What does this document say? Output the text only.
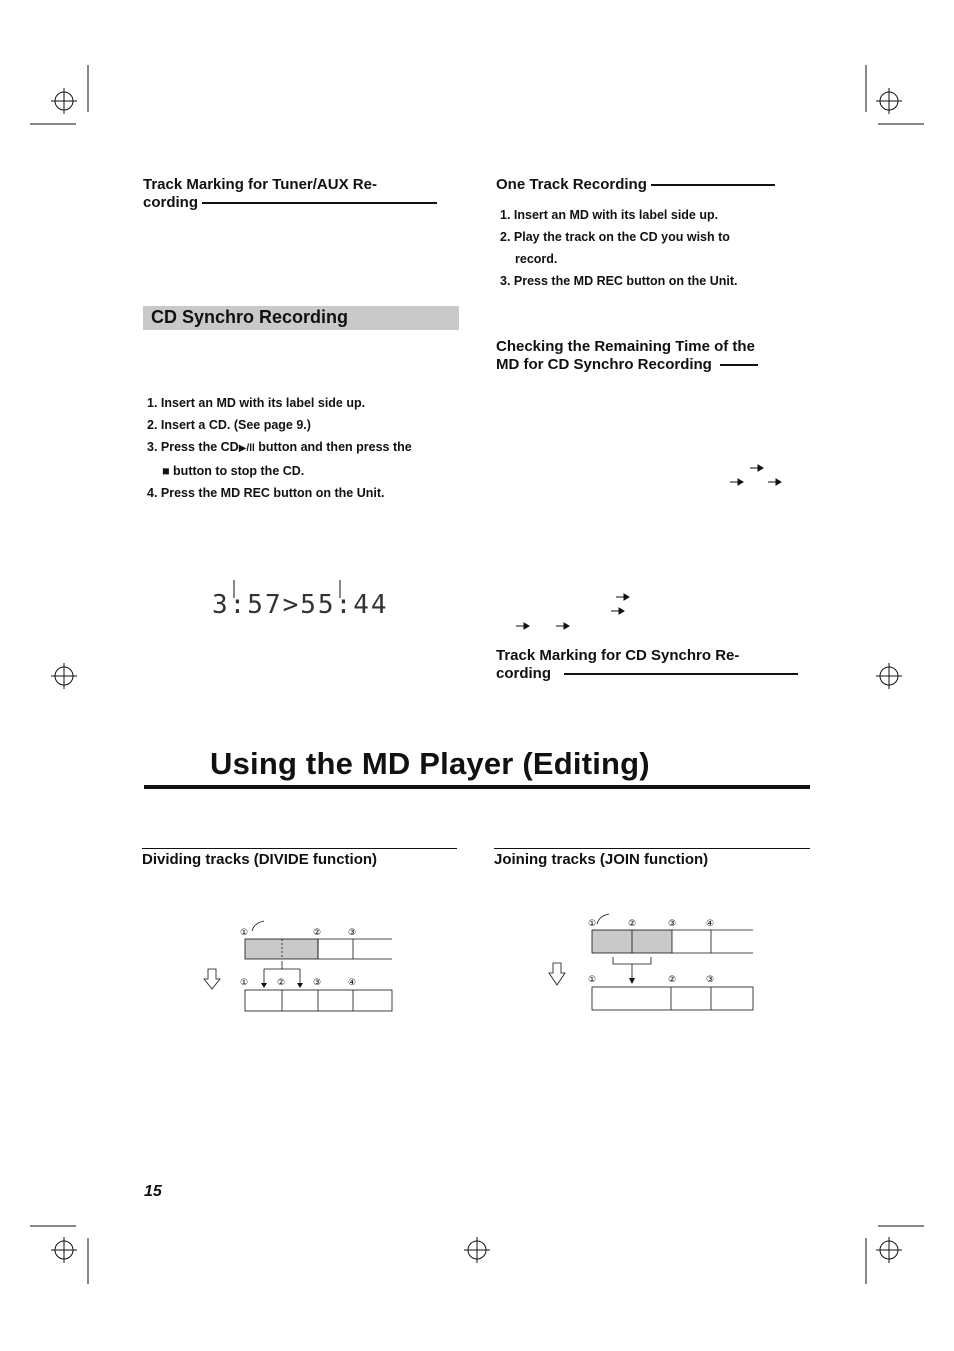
Track Marking for Tuner/AUX Re-
cording
CD Synchro Recording
1. Insert an MD with its label side up.
2. Insert a CD. (See page 9.)
3. Press the CD▶/ll button and then press the
■ button to stop the CD.
4. Press the MD REC button on the Unit.
3:57>55:44
One Track Recording
1. Insert an MD with its label side up.
2. Play the track on the CD you wish to
record.
3. Press the MD REC button on the Unit.
Checking the Remaining Time of the
MD for CD Synchro Recording
Track Marking for CD Synchro Re-
cording
Using the MD Player (Editing)
Dividing tracks (DIVIDE function)	Joining tracks (JOIN function)
①	②	③
①	②	③	④
①	②	③	④
①	②	③
15
